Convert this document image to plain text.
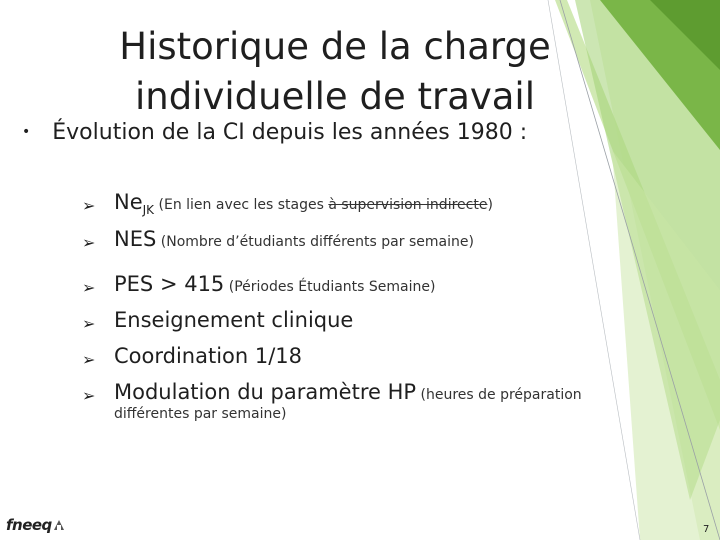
Historique de la charge
individuelle de travail
• Évolution de la CI depuis les années 1980 :
➢ $Ne_{JK}$ (En lien avec les stages à supervision indirecte)
➢ NES (Nombre d’étudiants différents par semaine)
➢ PES > 415 (Périodes Étudiants Semaine)
➢ Enseignement clinique
➢ Coordination 1/18
➢ Modulation du paramètre HP (heures de préparation
différentes par semaine)
fneeq	7
